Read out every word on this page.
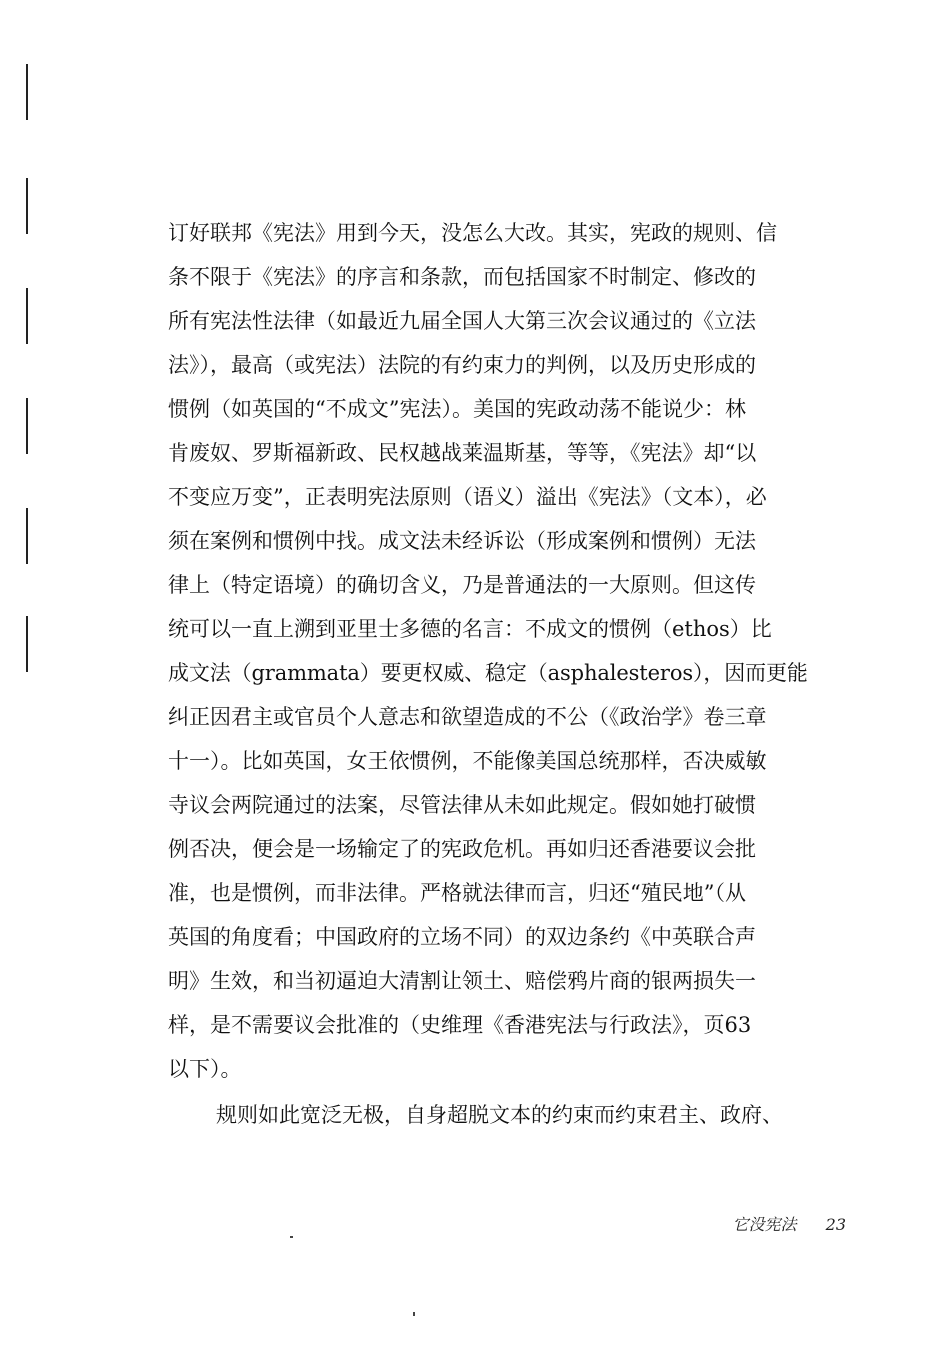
订好联邦《宪法》用到今天，没怎么大改。其实，宪政的规则、信
条不限于《宪法》的序言和条款，而包括国家不时制定、修改的
所有宪法性法律（如最近九届全国人大第三次会议通过的《立法
法》），最高（或宪法）法院的有约束力的判例，以及历史形成的
惯例（如英国的“不成文”宪法）。美国的宪政动荡不能说少：林
肯废奴、罗斯福新政、民权越战莱温斯基，等等，《宪法》却“以
不变应万变”，正表明宪法原则（语义）溢出《宪法》（文本），必
须在案例和惯例中找。成文法未经诉讼（形成案例和惯例）无法
律上（特定语境）的确切含义，乃是普通法的一大原则。但这传
统可以一直上溯到亚里士多德的名言：不成文的惯例（ethos）比
成文法（grammata）要更权威、稳定（asphalesteros），因而更能
纠正因君主或官员个人意志和欲望造成的不公（《政治学》卷三章
十一）。比如英国，女王依惯例，不能像美国总统那样，否决威敏
寺议会两院通过的法案，尽管法律从未如此规定。假如她打破惯
例否决，便会是一场输定了的宪政危机。再如归还香港要议会批
准，也是惯例，而非法律。严格就法律而言，归还“殖民地”（从
英国的角度看；中国政府的立场不同）的双边条约《中英联合声
明》生效，和当初逼迫大清割让领土、赔偿鸦片商的银两损失一
样，是不需要议会批准的（史维理《香港宪法与行政法》，页63
以下）。
规则如此宽泛无极，自身超脱文本的约束而约束君主、政府、
它没宪法 23
